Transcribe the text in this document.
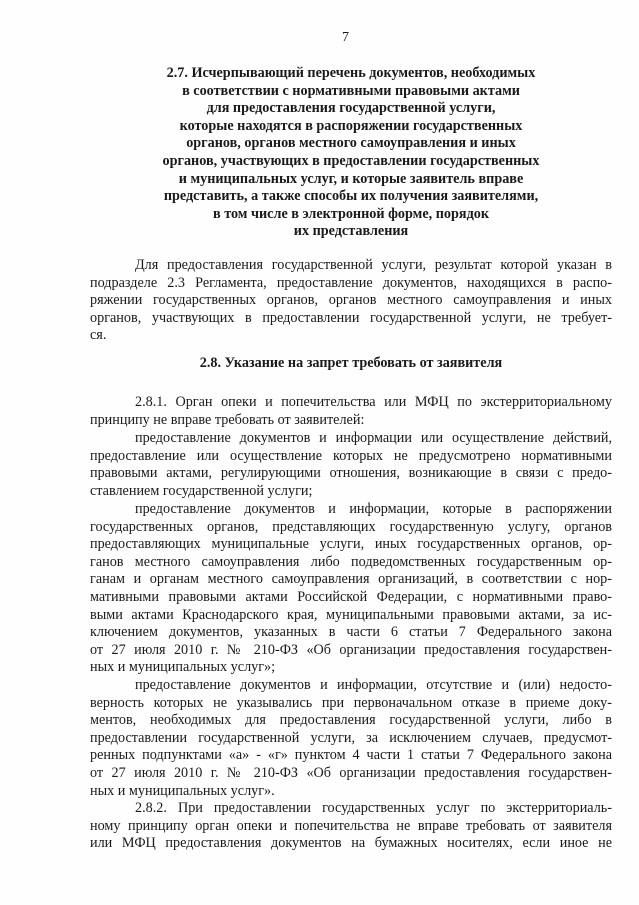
7
2.7. Исчерпывающий перечень документов, необходимых
в соответствии с нормативными правовыми актами
для предоставления государственной услуги,
которые находятся в распоряжении государственных
органов, органов местного самоуправления и иных
органов, участвующих в предоставлении государственных
и муниципальных услуг, и которые заявитель вправе
представить, а также способы их получения заявителями,
в том числе в электронной форме, порядок
их представления
Для предоставления государственной услуги, результат которой указан в
подразделе 2.3 Регламента, предоставление документов, находящихся в распо-
ряжении государственных органов, органов местного самоуправления и иных
органов, участвующих в предоставлении государственной услуги, не требует-
ся.
2.8. Указание на запрет требовать от заявителя
2.8.1. Орган опеки и попечительства или МФЦ по экстерриториальному
принципу не вправе требовать от заявителей:
предоставление документов и информации или осуществление действий,
предоставление или осуществление которых не предусмотрено нормативными
правовыми актами, регулирующими отношения, возникающие в связи с предо-
ставлением государственной услуги;
предоставление документов и информации, которые в распоряжении
государственных органов, представляющих государственную услугу, органов
предоставляющих муниципальные услуги, иных государственных органов, ор-
ганов местного самоуправления либо подведомственных государственным ор-
ганам и органам местного самоуправления организаций, в соответствии с нор-
мативными правовыми актами Российской Федерации, с нормативными право-
выми актами Краснодарского края, муниципальными правовыми актами, за ис-
ключением документов, указанных в части 6 статьи 7 Федерального закона
от 27 июля 2010 г. № 210-ФЗ «Об организации предоставления государствен-
ных и муниципальных услуг»;
предоставление документов и информации, отсутствие и (или) недосто-
верность которых не указывались при первоначальном отказе в приеме доку-
ментов, необходимых для предоставления государственной услуги, либо в
предоставлении государственной услуги, за исключением случаев, предусмот-
ренных подпунктами «а» - «г» пунктом 4 части 1 статьи 7 Федерального закона
от 27 июля 2010 г. № 210-ФЗ «Об организации предоставления государствен-
ных и муниципальных услуг».
2.8.2. При предоставлении государственных услуг по экстерриториаль-
ному принципу орган опеки и попечительства не вправе требовать от заявителя
или МФЦ предоставления документов на бумажных носителях, если иное не
